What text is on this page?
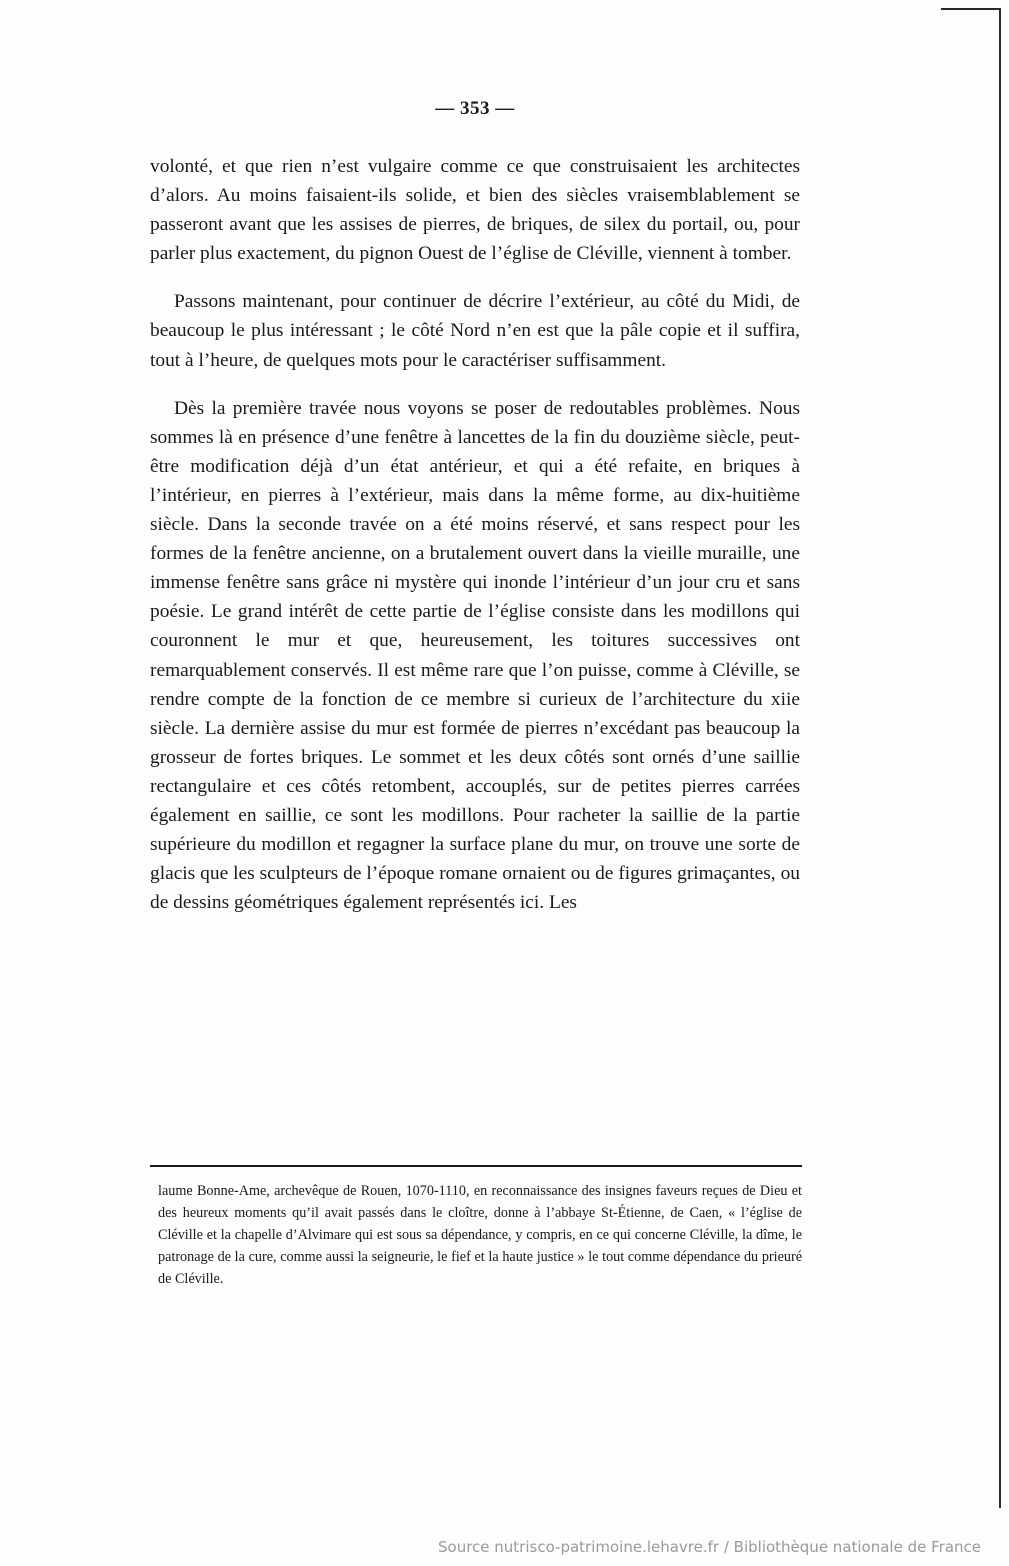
— 353 —

volonté, et que rien n’est vulgaire comme ce que construisaient les architectes d’alors. Au moins faisaient-ils solide, et bien des siècles vraisemblablement se passeront avant que les assises de pierres, de briques, de silex du portail, ou, pour parler plus exactement, du pignon Ouest de l’église de Cléville, viennent à tomber.

Passons maintenant, pour continuer de décrire l’extérieur, au côté du Midi, de beaucoup le plus intéressant ; le côté Nord n’en est que la pâle copie et il suffira, tout à l’heure, de quelques mots pour le caractériser suffisamment.

Dès la première travée nous voyons se poser de redoutables problèmes. Nous sommes là en présence d’une fenêtre à lancettes de la fin du douzième siècle, peut-être modification déjà d’un état antérieur, et qui a été refaite, en briques à l’intérieur, en pierres à l’extérieur, mais dans la même forme, au dix-huitième siècle. Dans la seconde travée on a été moins réservé, et sans respect pour les formes de la fenêtre ancienne, on a brutalement ouvert dans la vieille muraille, une immense fenêtre sans grâce ni mystère qui inonde l’intérieur d’un jour cru et sans poésie. Le grand intérêt de cette partie de l’église consiste dans les modillons qui couronnent le mur et que, heureusement, les toitures successives ont remarquablement conservés. Il est même rare que l’on puisse, comme à Cléville, se rendre compte de la fonction de ce membre si curieux de l’architecture du xiie siècle. La dernière assise du mur est formée de pierres n’excédant pas beaucoup la grosseur de fortes briques. Le sommet et les deux côtés sont ornés d’une saillie rectangulaire et ces côtés retombent, accouplés, sur de petites pierres carrées également en saillie, ce sont les modillons. Pour racheter la saillie de la partie supérieure du modillon et regagner la surface plane du mur, on trouve une sorte de glacis que les sculpteurs de l’époque romane ornaient ou de figures grimaçantes, ou de dessins géométriques également représentés ici. Les

laume Bonne-Ame, archevêque de Rouen, 1070-1110, en reconnaissance des insignes faveurs reçues de Dieu et des heureux moments qu’il avait passés dans le cloître, donne à l’abbaye St-Étienne, de Caen, « l’église de Cléville et la chapelle d’Alvimare qui est sous sa dépendance, y compris, en ce qui concerne Cléville, la dîme, le patronage de la cure, comme aussi la seigneurie, le fief et la haute justice » le tout comme dépendance du prieuré de Cléville.
Source nutrisco-patrimoine.lehavre.fr / Bibliothèque nationale de France
